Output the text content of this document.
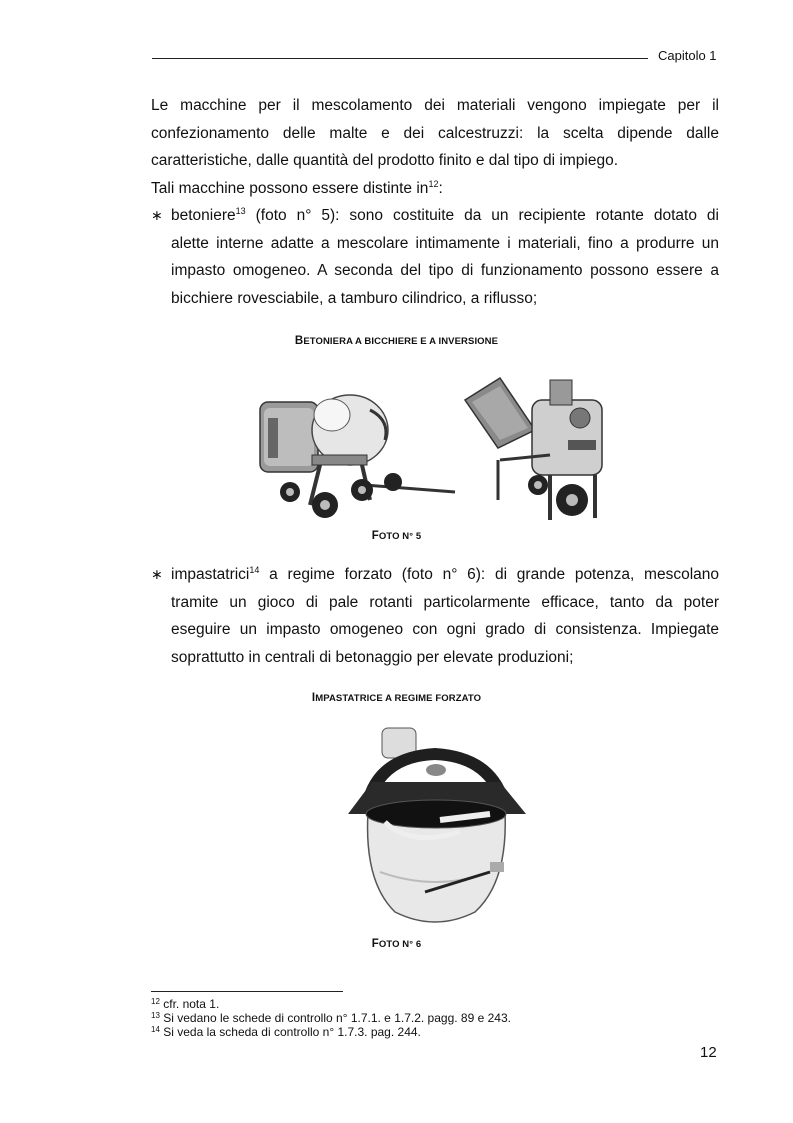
Capitolo 1
Le macchine per il mescolamento dei materiali vengono impiegate per il
confezionamento delle malte e dei calcestruzzi: la scelta dipende dalle
caratteristiche, dalle quantità del prodotto finito e dal tipo di impiego.
Tali macchine possono essere distinte $in^{12}$:
∗ betoniere$^{13}$ (foto n° 5): sono costituite da un recipiente rotante dotato di
alette interne adatte a mescolare intimamente i materiali, fino a produrre un
impasto omogeneo. A seconda del tipo di funzionamento possono essere a
bicchiere rovesciabile, a tamburo cilindrico, a riflusso;
BETONIERA A BICCHIERE E A INVERSIONE
FOTO N° 5
∗ impastatrici$^{14}$ a regime forzato (foto n° 6): di grande potenza, mescolano
tramite un gioco di pale rotanti particolarmente efficace, tanto da poter
eseguire un impasto omogeneo con ogni grado di consistenza. Impiegate
soprattutto in centrali di betonaggio per elevate produzioni;
IMPASTATRICE A REGIME FORZATO
FOTO N° 6
$^{12}$ cfr. nota 1.
$^{13}$ Si vedano le schede di controllo n° 1.7.1. e 1.7.2. pagg. 89 e 243.
$^{14}$ Si veda la scheda di controllo n° 1.7.3. pag. 244.
12
